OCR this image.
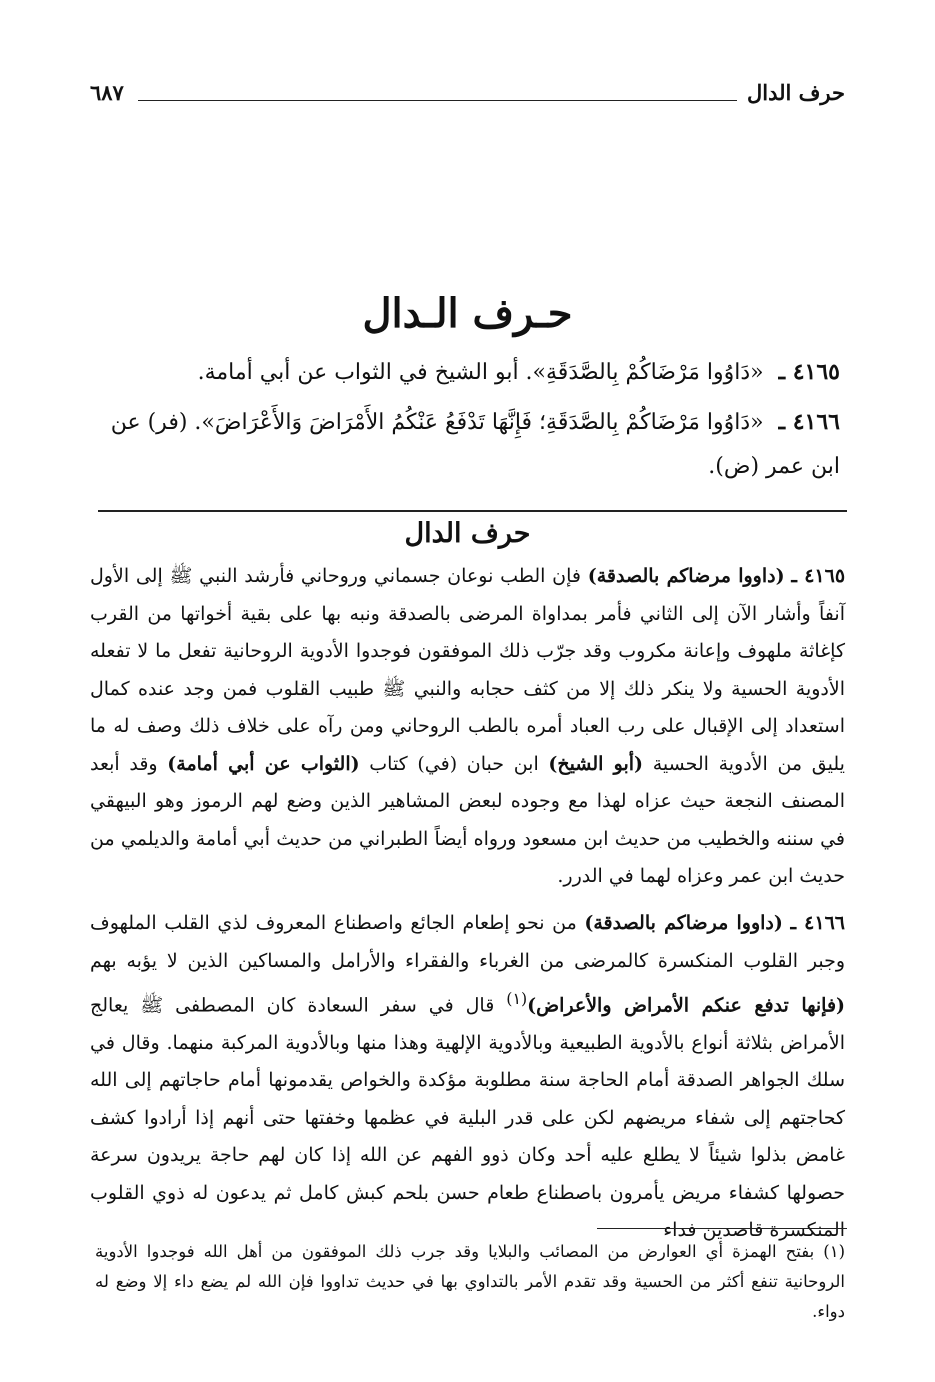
حرف الدال
٦٨٧
حـرف الـدال
٤١٦٥ ـ «دَاوُوا مَرْضَاكُمْ بِالصَّدَقَةِ». أبو الشيخ في الثواب عن أبي أمامة.
٤١٦٦ ـ «دَاوُوا مَرْضَاكُمْ بِالصَّدَقَةِ؛ فَإِنَّهَا تَدْفَعُ عَنْكُمُ الأَمْرَاضَ وَالأَعْرَاضَ». (فر) عن ابن عمر (ض).
حرف الدال

٤١٦٥ ـ (داووا مرضاكم بالصدقة) فإن الطب نوعان جسماني وروحاني فأرشد النبي ﷺ إلى الأول آنفاً وأشار الآن إلى الثاني فأمر بمداواة المرضى بالصدقة ونبه بها على بقية أخواتها من القرب كإغاثة ملهوف وإعانة مكروب وقد جرّب ذلك الموفقون فوجدوا الأدوية الروحانية تفعل ما لا تفعله الأدوية الحسية ولا ينكر ذلك إلا من كثف حجابه والنبي ﷺ طبيب القلوب فمن وجد عنده كمال استعداد إلى الإقبال على رب العباد أمره بالطب الروحاني ومن رآه على خلاف ذلك وصف له ما يليق من الأدوية الحسية (أبو الشيخ) ابن حبان (في) كتاب (الثواب عن أبي أمامة) وقد أبعد المصنف النجعة حيث عزاه لهذا مع وجوده لبعض المشاهير الذين وضع لهم الرموز وهو البيهقي في سننه والخطيب من حديث ابن مسعود ورواه أيضاً الطبراني من حديث أبي أمامة والديلمي من حديث ابن عمر وعزاه لهما في الدرر.

٤١٦٦ ـ (داووا مرضاكم بالصدقة) من نحو إطعام الجائع واصطناع المعروف لذي القلب الملهوف وجبر القلوب المنكسرة كالمرضى من الغرباء والفقراء والأرامل والمساكين الذين لا يؤبه بهم (فإنها تدفع عنكم الأمراض والأعراض)$^{(١)}$ قال في سفر السعادة كان المصطفى ﷺ يعالج الأمراض بثلاثة أنواع بالأدوية الطبيعية وبالأدوية الإلهية وهذا منها وبالأدوية المركبة منهما. وقال في سلك الجواهر الصدقة أمام الحاجة سنة مطلوبة مؤكدة والخواص يقدمونها أمام حاجاتهم إلى الله كحاجتهم إلى شفاء مريضهم لكن على قدر البلية في عظمها وخفتها حتى أنهم إذا أرادوا كشف غامض بذلوا شيئاً لا يطلع عليه أحد وكان ذوو الفهم عن الله إذا كان لهم حاجة يريدون سرعة حصولها كشفاء مريض يأمرون باصطناع طعام حسن بلحم كبش كامل ثم يدعون له ذوي القلوب المنكسرة قاصدين فداء

(١) بفتح الهمزة أي العوارض من المصائب والبلايا وقد جرب ذلك الموفقون من أهل الله فوجدوا الأدوية الروحانية تنفع أكثر من الحسية وقد تقدم الأمر بالتداوي بها في حديث تداووا فإن الله لم يضع داء إلا وضع له دواء.
